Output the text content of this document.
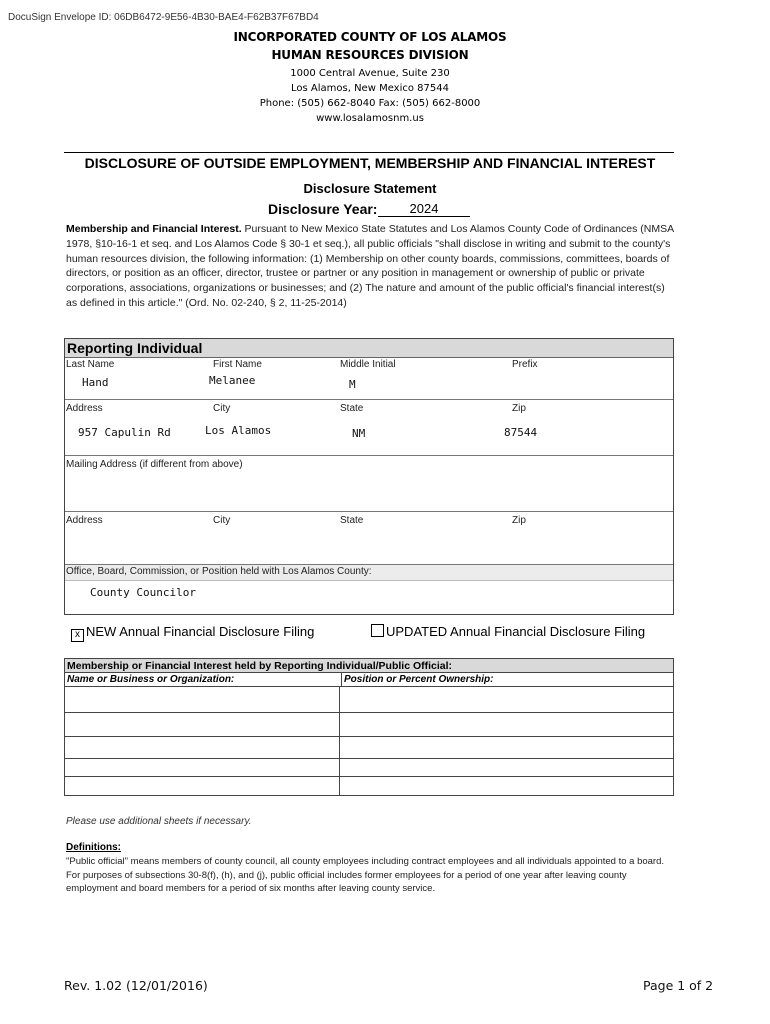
DocuSign Envelope ID: 06DB6472-9E56-4B30-BAE4-F62B37F67BD4
INCORPORATED COUNTY OF LOS ALAMOS
HUMAN RESOURCES DIVISION
1000 Central Avenue, Suite 230
Los Alamos, New Mexico 87544
Phone: (505) 662-8040 Fax: (505) 662-8000
www.losalamosnm.us
DISCLOSURE OF OUTSIDE EMPLOYMENT, MEMBERSHIP AND FINANCIAL INTEREST
Disclosure Statement
Disclosure Year:	2024
Membership and Financial Interest. Pursuant to New Mexico State Statutes and Los Alamos County Code of Ordinances (NMSA 1978, §10-16-1 et seq. and Los Alamos Code § 30-1 et seq.), all public officials "shall disclose in writing and submit to the county's human resources division, the following information: (1) Membership on other county boards, commissions, committees, boards of directors, or position as an officer, director, trustee or partner or any position in management or ownership of public or private corporations, associations, organizations or businesses; and (2) The nature and amount of the public official's financial interest(s) as defined in this article." (Ord. No. 02-240, § 2, 11-25-2014)
Reporting Individual
Last Name	First Name	Middle Initial	Prefix
Hand	Melanee	M
Address	City	State	Zip
957 Capulin Rd	Los Alamos	NM	87544
Mailing Address (if different from above)
Address	City	State	Zip
Office, Board, Commission, or Position held with Los Alamos County:
County Councilor
x NEW Annual Financial Disclosure Filing	UPDATED Annual Financial Disclosure Filing
Membership or Financial Interest held by Reporting Individual/Public Official:
Name or Business or Organization:	Position or Percent Ownership:
Please use additional sheets if necessary.
Definitions:
"Public official" means members of county council, all county employees including contract employees and all individuals appointed to a board. For purposes of subsections 30-8(f), (h), and (j), public official includes former employees for a period of one year after leaving county employment and board members for a period of six months after leaving county service.
Rev. 1.02 (12/01/2016)	Page 1 of 2
